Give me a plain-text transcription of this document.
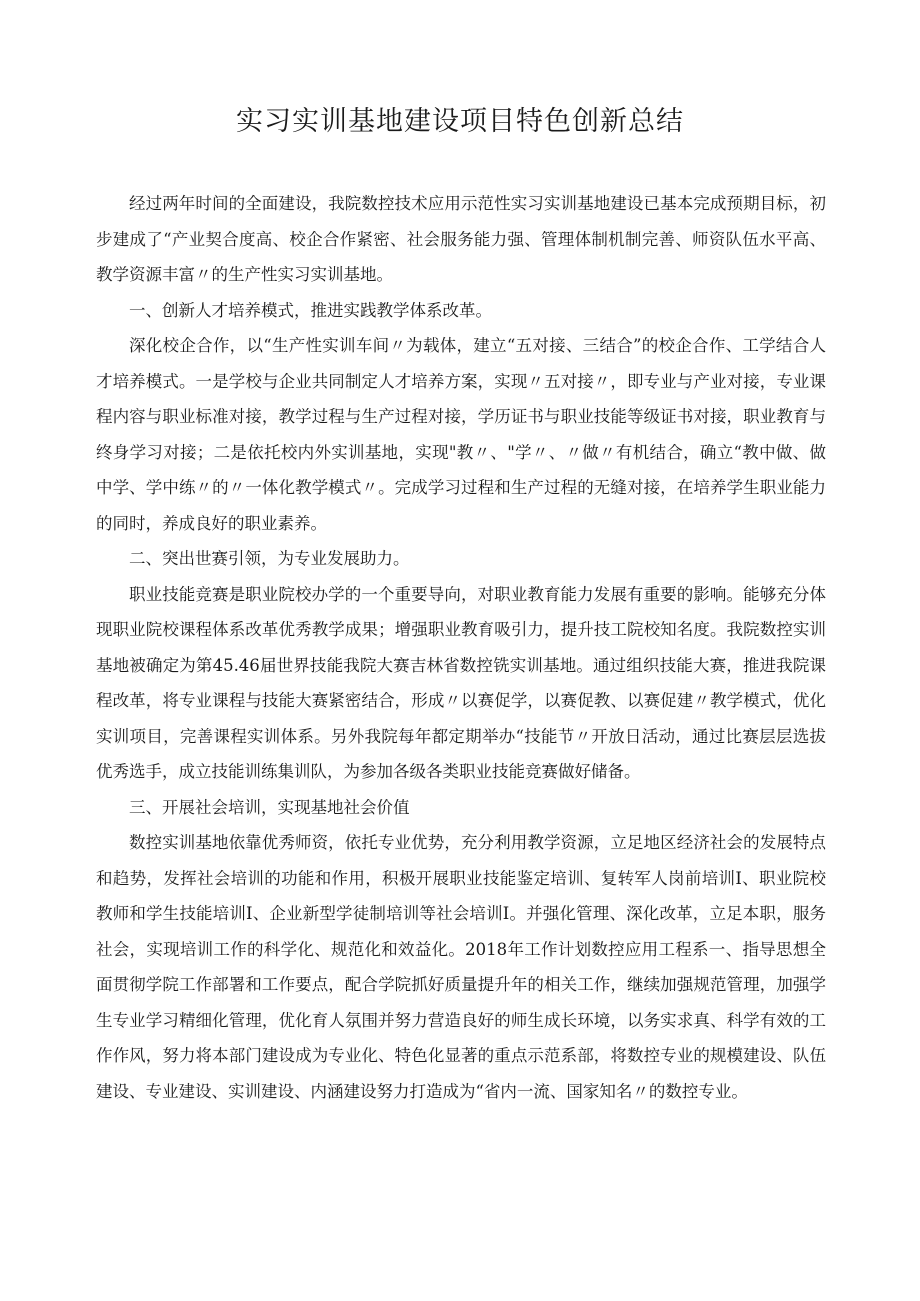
实习实训基地建设项目特色创新总结

经过两年时间的全面建设，我院数控技术应用示范性实习实训基地建设已基本完成预期目标，初步建成了“产业契合度高、校企合作紧密、社会服务能力强、管理体制机制完善、师资队伍水平高、教学资源丰富〃的生产性实习实训基地。

一、创新人才培养模式，推进实践教学体系改革。

深化校企合作，以“生产性实训车间〃为载体，建立“五对接、三结合”的校企合作、工学结合人才培养模式。一是学校与企业共同制定人才培养方案，实现〃五对接〃，即专业与产业对接，专业课程内容与职业标准对接，教学过程与生产过程对接，学历证书与职业技能等级证书对接，职业教育与终身学习对接；二是依托校内外实训基地，实现"教〃、"学〃、〃做〃有机结合，确立“教中做、做中学、学中练〃的〃一体化教学模式〃。完成学习过程和生产过程的无缝对接，在培养学生职业能力的同时，养成良好的职业素养。

二、突出世赛引领，为专业发展助力。

职业技能竞赛是职业院校办学的一个重要导向，对职业教育能力发展有重要的影响。能够充分体现职业院校课程体系改革优秀教学成果；增强职业教育吸引力，提升技工院校知名度。我院数控实训基地被确定为第45.46届世界技能我院大赛吉林省数控铣实训基地。通过组织技能大赛，推进我院课程改革，将专业课程与技能大赛紧密结合，形成〃以赛促学，以赛促教、以赛促建〃教学模式，优化实训项目，完善课程实训体系。另外我院每年都定期举办“技能节〃开放日活动，通过比赛层层选拔优秀选手，成立技能训练集训队，为参加各级各类职业技能竞赛做好储备。

三、开展社会培训，实现基地社会价值

数控实训基地依靠优秀师资，依托专业优势，充分利用教学资源，立足地区经济社会的发展特点和趋势，发挥社会培训的功能和作用，积极开展职业技能鉴定培训、复转军人岗前培训I、职业院校教师和学生技能培训I、企业新型学徒制培训等社会培训I。并强化管理、深化改革，立足本职，服务社会，实现培训工作的科学化、规范化和效益化。2018年工作计划数控应用工程系一、指导思想全面贯彻学院工作部署和工作要点，配合学院抓好质量提升年的相关工作，继续加强规范管理，加强学生专业学习精细化管理，优化育人氛围并努力营造良好的师生成长环境，以务实求真、科学有效的工作作风，努力将本部门建设成为专业化、特色化显著的重点示范系部，将数控专业的规模建设、队伍建设、专业建设、实训建设、内涵建设努力打造成为“省内一流、国家知名〃的数控专业。
